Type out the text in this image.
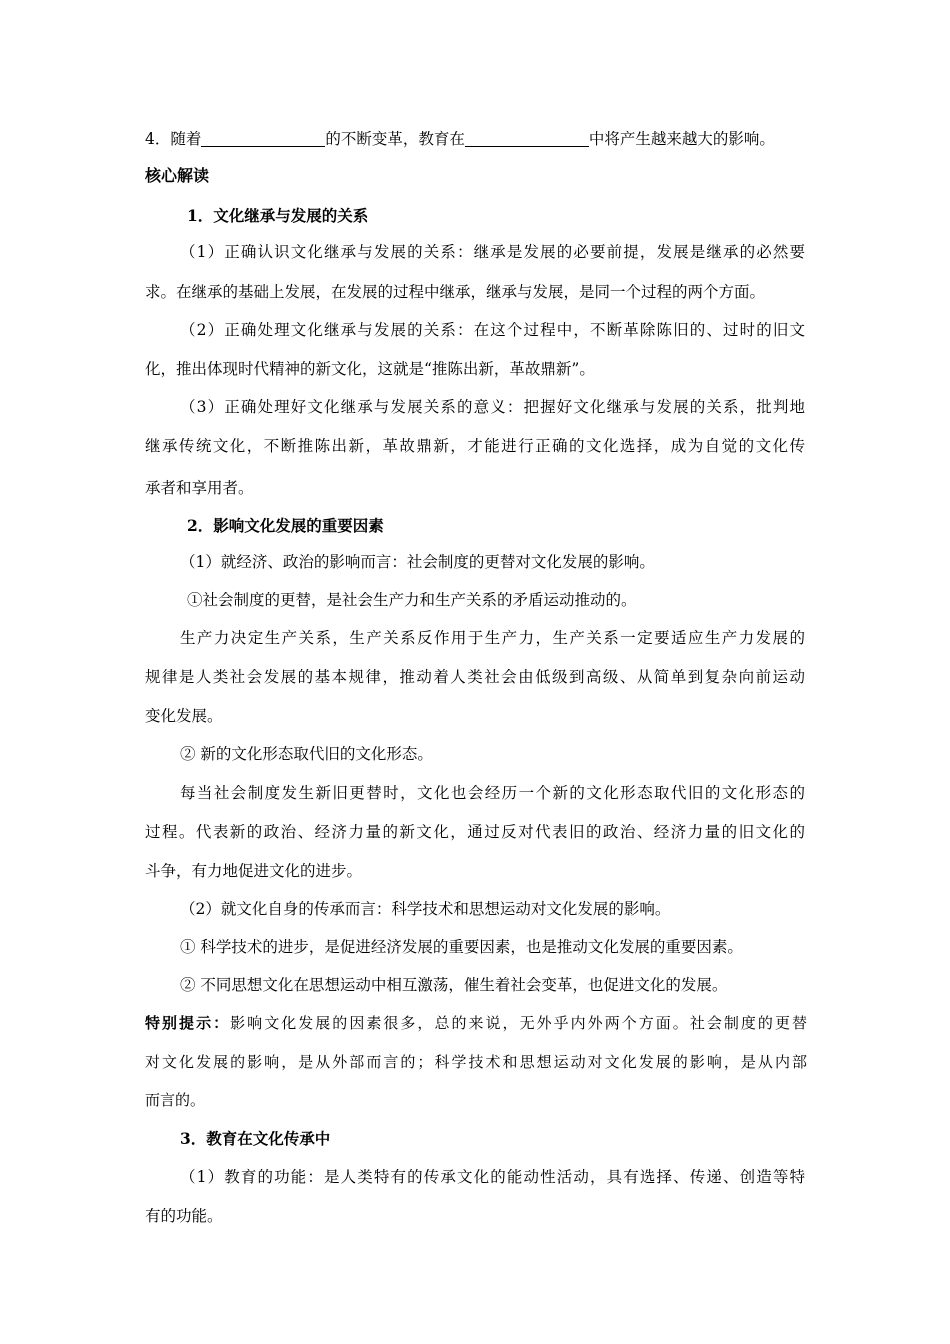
4．随着	的不断变革，教育在	中将产生越来越大的影响。
核心解读
1．文化继承与发展的关系
（1）正确认识文化继承与发展的关系：继承是发展的必要前提，发展是继承的必然要
求。在继承的基础上发展，在发展的过程中继承，继承与发展，是同一个过程的两个方面。
（2）正确处理文化继承与发展的关系：在这个过程中，不断革除陈旧的、过时的旧文
化，推出体现时代精神的新文化，这就是“推陈出新，革故鼎新”。
（3）正确处理好文化继承与发展关系的意义：把握好文化继承与发展的关系，批判地
继承传统文化，不断推陈出新，革故鼎新，才能进行正确的文化选择，成为自觉的文化传
承者和享用者。
2．影响文化发展的重要因素
（1）就经济、政治的影响而言：社会制度的更替对文化发展的影响。
①社会制度的更替，是社会生产力和生产关系的矛盾运动推动的。
生产力决定生产关系，生产关系反作用于生产力，生产关系一定要适应生产力发展的
规律是人类社会发展的基本规律，推动着人类社会由低级到高级、从简单到复杂向前运动
变化发展。
② 新的文化形态取代旧的文化形态。
每当社会制度发生新旧更替时，文化也会经历一个新的文化形态取代旧的文化形态的
过程。代表新的政治、经济力量的新文化，通过反对代表旧的政治、经济力量的旧文化的
斗争，有力地促进文化的进步。
（2）就文化自身的传承而言：科学技术和思想运动对文化发展的影响。
① 科学技术的进步，是促进经济发展的重要因素，也是推动文化发展的重要因素。
② 不同思想文化在思想运动中相互激荡，催生着社会变革，也促进文化的发展。
特别提示：影响文化发展的因素很多，总的来说，无外乎内外两个方面。社会制度的更替
对文化发展的影响，是从外部而言的；科学技术和思想运动对文化发展的影响，是从内部
而言的。
3．教育在文化传承中
（1）教育的功能：是人类特有的传承文化的能动性活动，具有选择、传递、创造等特
有的功能。
